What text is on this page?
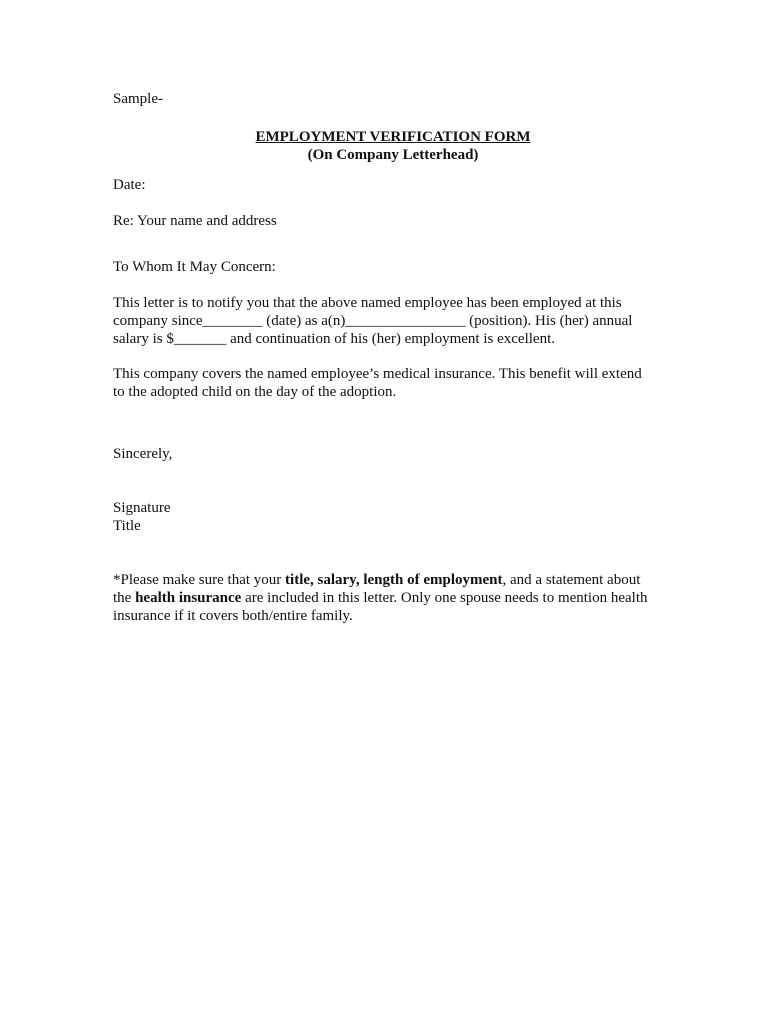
Sample-

EMPLOYMENT VERIFICATION FORM
(On Company Letterhead)

Date:

Re: Your name and address

To Whom It May Concern:

This letter is to notify you that the above named employee has been employed at this
company since________ (date) as a(n)________________ (position). His (her) annual
salary is $_______ and continuation of his (her) employment is excellent.
This company covers the named employee’s medical insurance. This benefit will extend
to the adopted child on the day of the adoption.

Sincerely,

Signature
Title
*Please make sure that your title, salary, length of employment, and a statement about
the health insurance are included in this letter. Only one spouse needs to mention health
insurance if it covers both/entire family.
